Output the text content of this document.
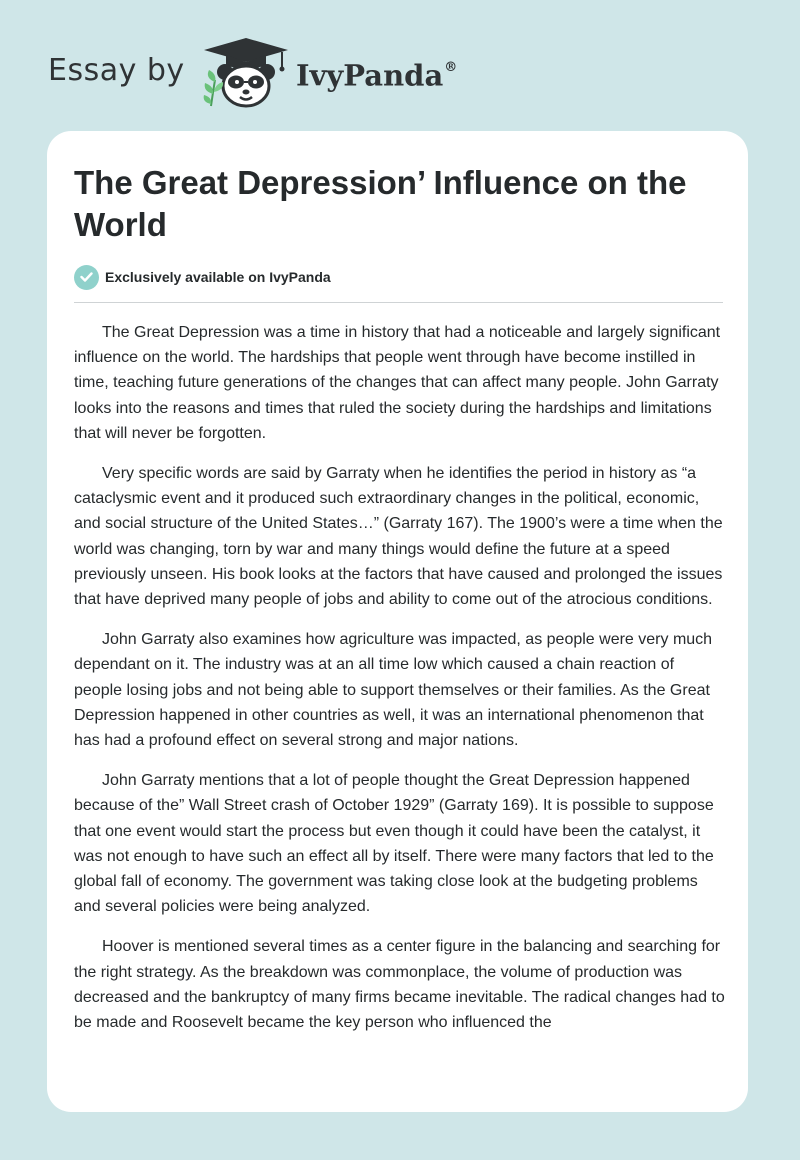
Essay by	IvyPanda®
The Great Depression’ Influence on the World
Exclusively available on IvyPanda

The Great Depression was a time in history that had a noticeable and largely significant influence on the world. The hardships that people went through have become instilled in time, teaching future generations of the changes that can affect many people. John Garraty looks into the reasons and times that ruled the society during the hardships and limitations that will never be forgotten.

Very specific words are said by Garraty when he identifies the period in history as “a cataclysmic event and it produced such extraordinary changes in the political, economic, and social structure of the United States…” (Garraty 167). The 1900’s were a time when the world was changing, torn by war and many things would define the future at a speed previously unseen. His book looks at the factors that have caused and prolonged the issues that have deprived many people of jobs and ability to come out of the atrocious conditions.

John Garraty also examines how agriculture was impacted, as people were very much dependant on it. The industry was at an all time low which caused a chain reaction of people losing jobs and not being able to support themselves or their families. As the Great Depression happened in other countries as well, it was an international phenomenon that has had a profound effect on several strong and major nations.

John Garraty mentions that a lot of people thought the Great Depression happened because of the” Wall Street crash of October 1929” (Garraty 169). It is possible to suppose that one event would start the process but even though it could have been the catalyst, it was not enough to have such an effect all by itself. There were many factors that led to the global fall of economy. The government was taking close look at the budgeting problems and several policies were being analyzed.

Hoover is mentioned several times as a center figure in the balancing and searching for the right strategy. As the breakdown was commonplace, the volume of production was decreased and the bankruptcy of many firms became inevitable. The radical changes had to be made and Roosevelt became the key person who influenced the
